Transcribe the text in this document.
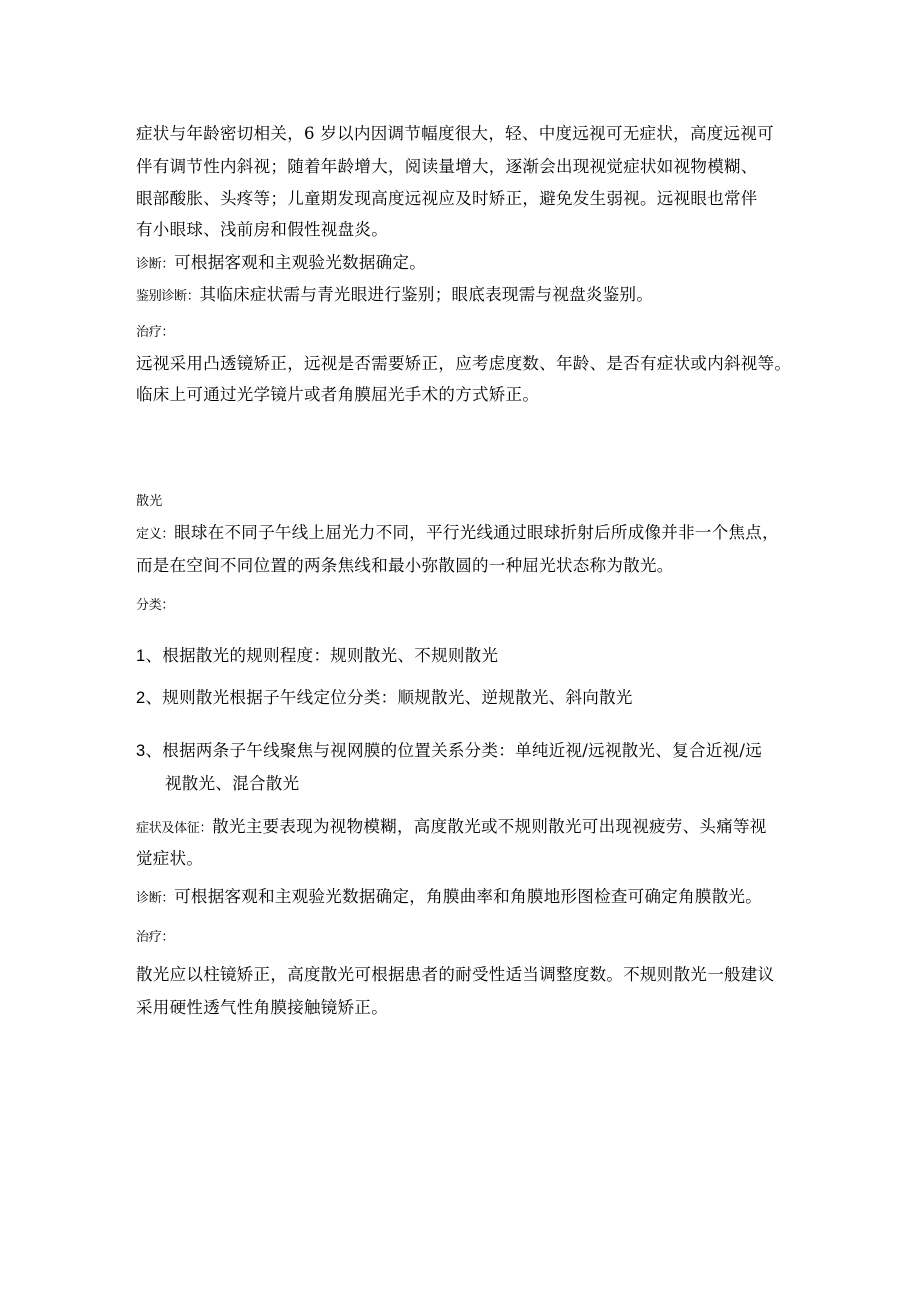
症状与年龄密切相关，6 岁以内因调节幅度很大，轻、中度远视可无症状，高度远视可
伴有调节性内斜视；随着年龄增大，阅读量增大，逐渐会出现视觉症状如视物模糊、
眼部酸胀、头疼等；儿童期发现高度远视应及时矫正，避免发生弱视。远视眼也常伴
有小眼球、浅前房和假性视盘炎。
诊断：可根据客观和主观验光数据确定。
鉴别诊断：其临床症状需与青光眼进行鉴别；眼底表现需与视盘炎鉴别。
治疗：
远视采用凸透镜矫正，远视是否需要矫正，应考虑度数、年龄、是否有症状或内斜视等。
临床上可通过光学镜片或者角膜屈光手术的方式矫正。
散光
定义：眼球在不同子午线上屈光力不同，平行光线通过眼球折射后所成像并非一个焦点，
而是在空间不同位置的两条焦线和最小弥散圆的一种屈光状态称为散光。
分类：
1、根据散光的规则程度：规则散光、不规则散光
2、规则散光根据子午线定位分类：顺规散光、逆规散光、斜向散光
3、根据两条子午线聚焦与视网膜的位置关系分类：单纯近视/远视散光、复合近视/远
视散光、混合散光
症状及体征：散光主要表现为视物模糊，高度散光或不规则散光可出现视疲劳、头痛等视
觉症状。
诊断：可根据客观和主观验光数据确定，角膜曲率和角膜地形图检查可确定角膜散光。
治疗：
散光应以柱镜矫正，高度散光可根据患者的耐受性适当调整度数。不规则散光一般建议
采用硬性透气性角膜接触镜矫正。
